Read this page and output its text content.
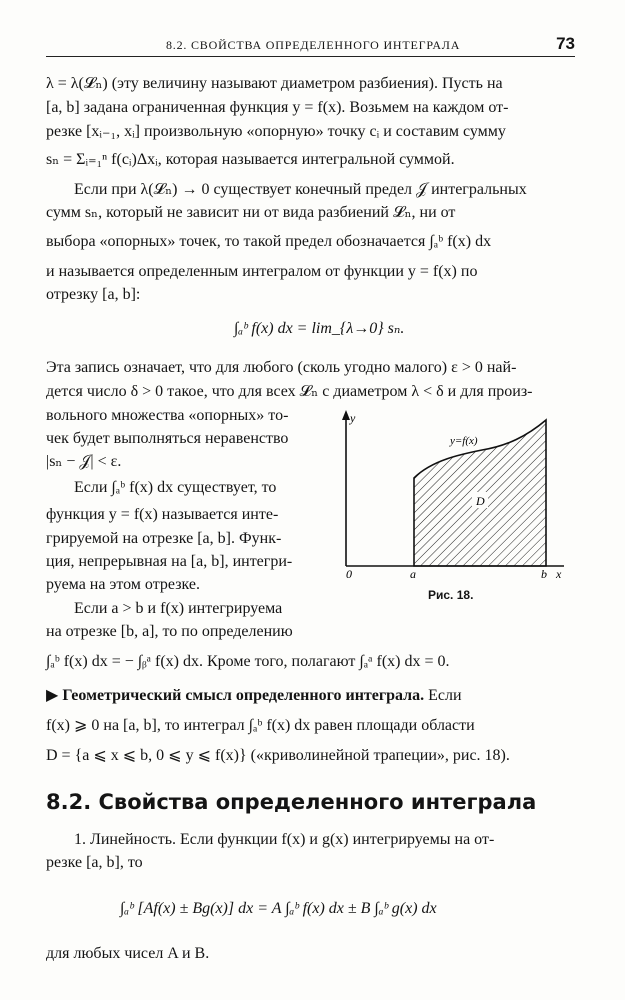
8.2. СВОЙСТВА ОПРЕДЕЛЕННОГО ИНТЕГРАЛА	73
λ = λ(𝓛ₙ) (эту величину называют диаметром разбиения). Пусть на
[a, b] задана ограниченная функция y = f(x). Возьмем на каждом от-
резке [xᵢ₋₁, xᵢ] произвольную «опорную» точку cᵢ и составим сумму
sₙ = Σᵢ₌₁ⁿ f(cᵢ)Δxᵢ, которая называется интегральной суммой.
Если при λ(𝓛ₙ) → 0 существует конечный предел 𝒥 интегральных
сумм sₙ, который не зависит ни от вида разбиений 𝓛ₙ, ни от
выбора «опорных» точек, то такой предел обозначается ∫ₐᵇ f(x) dx
и называется определенным интегралом от функции y = f(x) по
отрезку [a, b]:
∫ₐᵇ f(x) dx = lim_{λ→0} sₙ.
Эта запись означает, что для любого (сколь угодно малого) ε > 0 най-
дется число δ > 0 такое, что для всех 𝓛ₙ с диаметром λ < δ и для произ-
вольного множества «опорных» то-
чек будет выполняться неравенство
|sₙ − 𝒥| < ε.
Если ∫ₐᵇ f(x) dx существует, то
функция y = f(x) называется инте-
грируемой на отрезке [a, b]. Функ-
ция, непрерывная на [a, b], интегри-
руема на этом отрезке.
Если a > b и f(x) интегрируема
на отрезке [b, a], то по определению
∫ₐᵇ f(x) dx = − ∫ᵦᵃ f(x) dx. Кроме того, полагают ∫ₐᵃ f(x) dx = 0.
▶ Геометрический смысл определенного интеграла. Если
f(x) ⩾ 0 на [a, b], то интеграл ∫ₐᵇ f(x) dx равен площади области
D = {a ⩽ x ⩽ b, 0 ⩽ y ⩽ f(x)} («криволинейной трапеции», рис. 18).
8.2. Свойства определенного интеграла
1. Линейность. Если функции f(x) и g(x) интегрируемы на от-
резке [a, b], то
∫ₐᵇ [Af(x) ± Bg(x)] dx = A ∫ₐᵇ f(x) dx ± B ∫ₐᵇ g(x) dx
для любых чисел A и B.
y
x
0	a	b
y=f(x)
D
Рис. 18.
